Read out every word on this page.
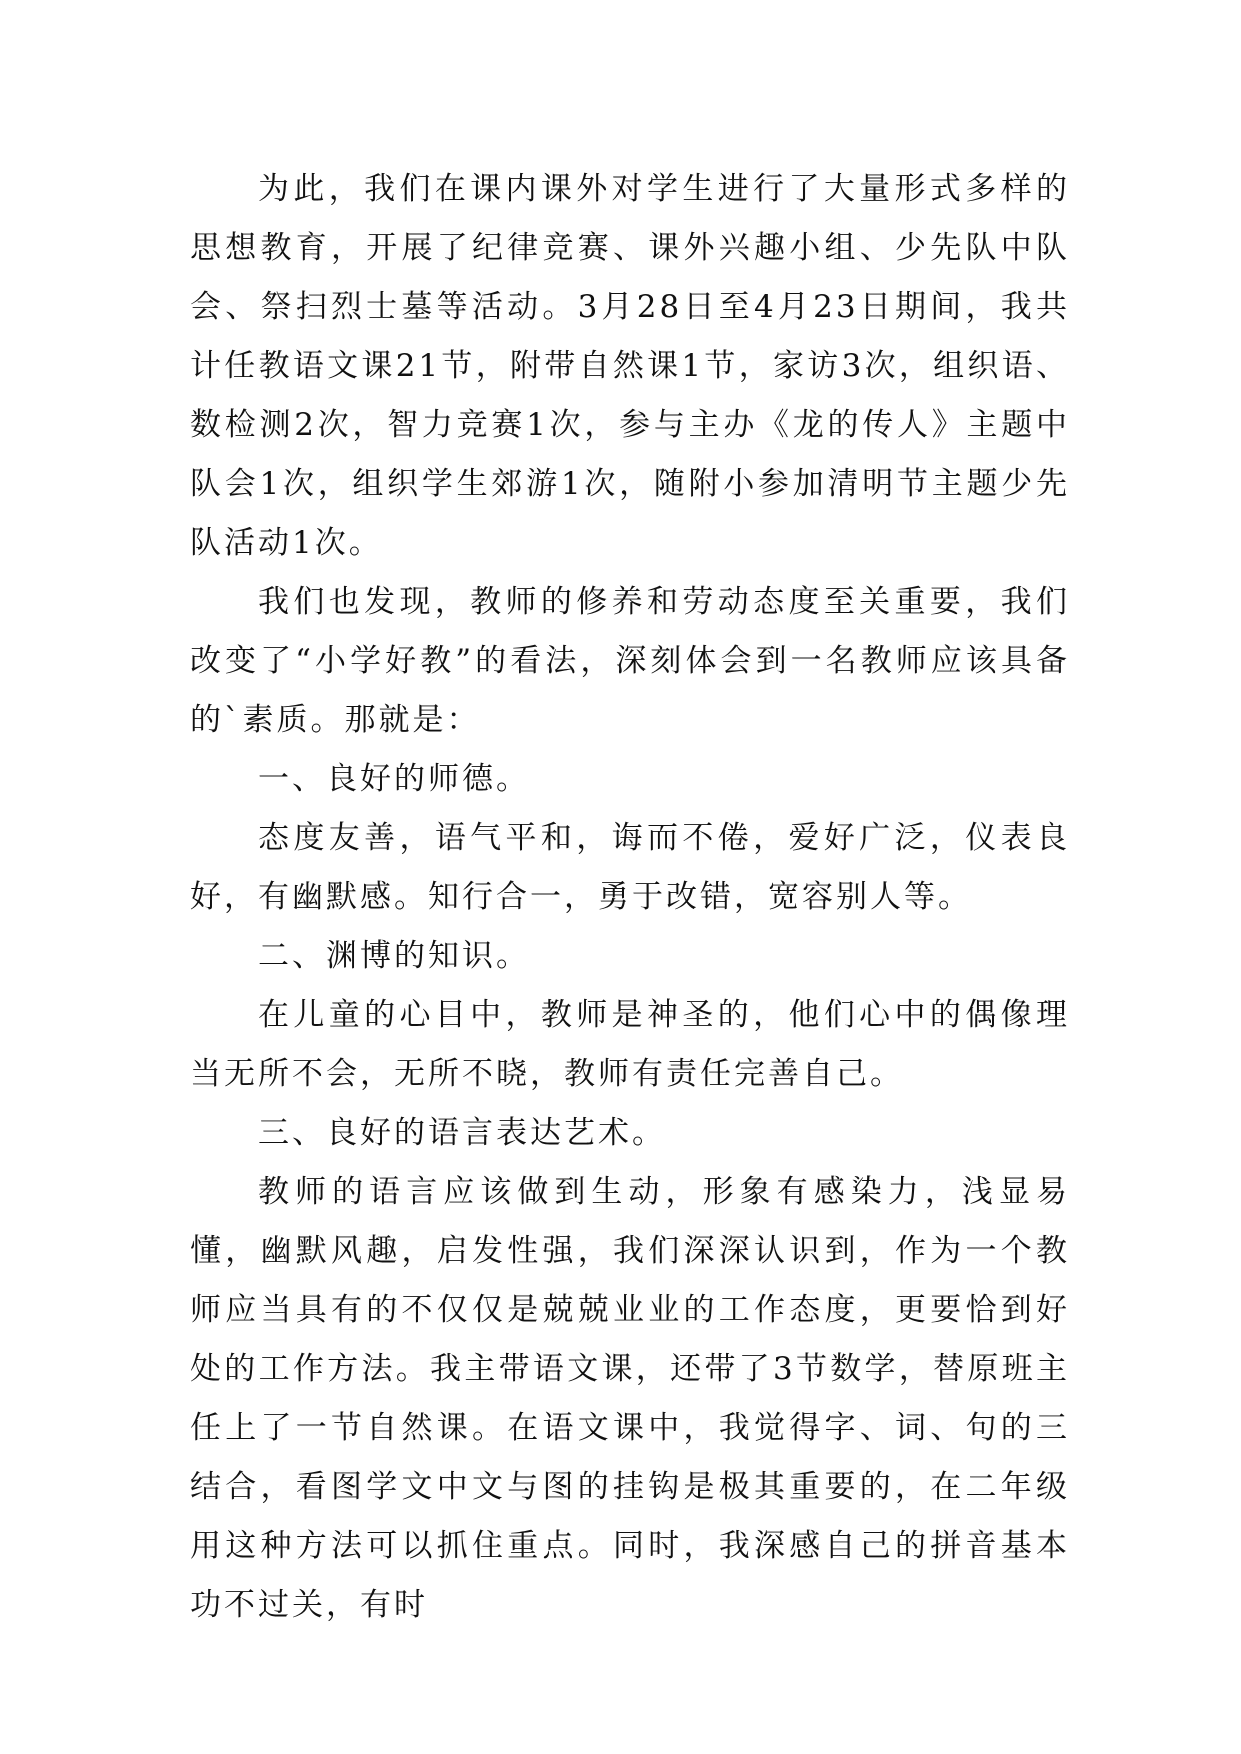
为此，我们在课内课外对学生进行了大量形式多样的思想教育，开展了纪律竞赛、课外兴趣小组、少先队中队会、祭扫烈士墓等活动。3月28日至4月23日期间，我共计任教语文课21节，附带自然课1节，家访3次，组织语、数检测2次，智力竞赛1次，参与主办《龙的传人》主题中队会1次，组织学生郊游1次，随附小参加清明节主题少先队活动1次。

我们也发现，教师的修养和劳动态度至关重要，我们改变了“小学好教”的看法，深刻体会到一名教师应该具备的`素质。那就是：

一、良好的师德。

态度友善，语气平和，诲而不倦，爱好广泛，仪表良好，有幽默感。知行合一，勇于改错，宽容别人等。

二、渊博的知识。

在儿童的心目中，教师是神圣的，他们心中的偶像理当无所不会，无所不晓，教师有责任完善自己。

三、良好的语言表达艺术。

教师的语言应该做到生动，形象有感染力，浅显易懂，幽默风趣，启发性强，我们深深认识到，作为一个教师应当具有的不仅仅是兢兢业业的工作态度，更要恰到好处的工作方法。我主带语文课，还带了3节数学，替原班主任上了一节自然课。在语文课中，我觉得字、词、句的三结合，看图学文中文与图的挂钩是极其重要的，在二年级用这种方法可以抓住重点。同时，我深感自己的拼音基本功不过关，有时
